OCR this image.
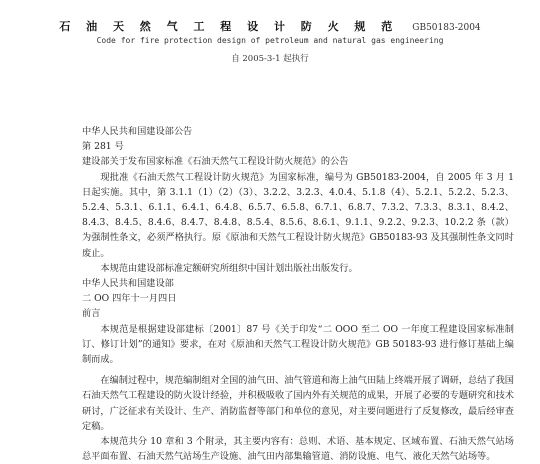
石 油 天 然 气 工 程 设 计 防 火 规 范 GB50183-2004
Code for fire protection design of petroleum and natural gas engineering
自 2005-3-1 起执行

中华人民共和国建设部公告

第 281 号

建设部关于发布国家标准《石油天然气工程设计防火规范》的公告

现批准《石油天然气工程设计防火规范》为国家标准，编号为 GB50183-2004，自 2005 年 3 月 1 日起实施。其中，第 3.1.1（1）（2）（3）、3.2.2、3.2.3、4.0.4、5.1.8（4）、5.2.1、5.2.2、5.2.3、5.2.4、5.3.1、6.1.1、6.4.1、6.4.8、6.5.7、6.5.8、6.7.1、6.8.7、7.3.2、7.3.3、8.3.1、8.4.2、8.4.3、8.4.5、8.4.6、8.4.7、8.4.8、8.5.4、8.5.6、8.6.1、9.1.1、9.2.2、9.2.3、10.2.2 条（款）为强制性条文，必须严格执行。原《原油和天然气工程设计防火规范》GB50183-93 及其强制性条文同时废止。

本规范由建设部标准定额研究所组织中国计划出版社出版发行。

中华人民共和国建设部

二 OO 四年十一月四日

前言

本规范是根据建设部建标〔2001〕87 号《关于印发“二 OOO 至二 OO 一年度工程建设国家标准制订、修订计划”的通知》要求，在对《原油和天然气工程设计防火规范》GB 50183-93 进行修订基础上编制而成。

在编制过程中，规范编制组对全国的油气田、油气管道和海上油气田陆上终端开展了调研，总结了我国石油天然气工程建设的防火设计经验，并积极吸收了国内外有关规范的成果，开展了必要的专题研究和技术研讨，广泛征求有关设计、生产、消防监督等部门和单位的意见，对主要问题进行了反复修改，最后经审查定稿。

本规范共分 10 章和 3 个附录，其主要内容有：总则、术语、基本规定、区域布置、石油天然气站场总平面布置、石油天然气站场生产设施、油气田内部集输管道、消防设施、电气、液化天然气站场等。
